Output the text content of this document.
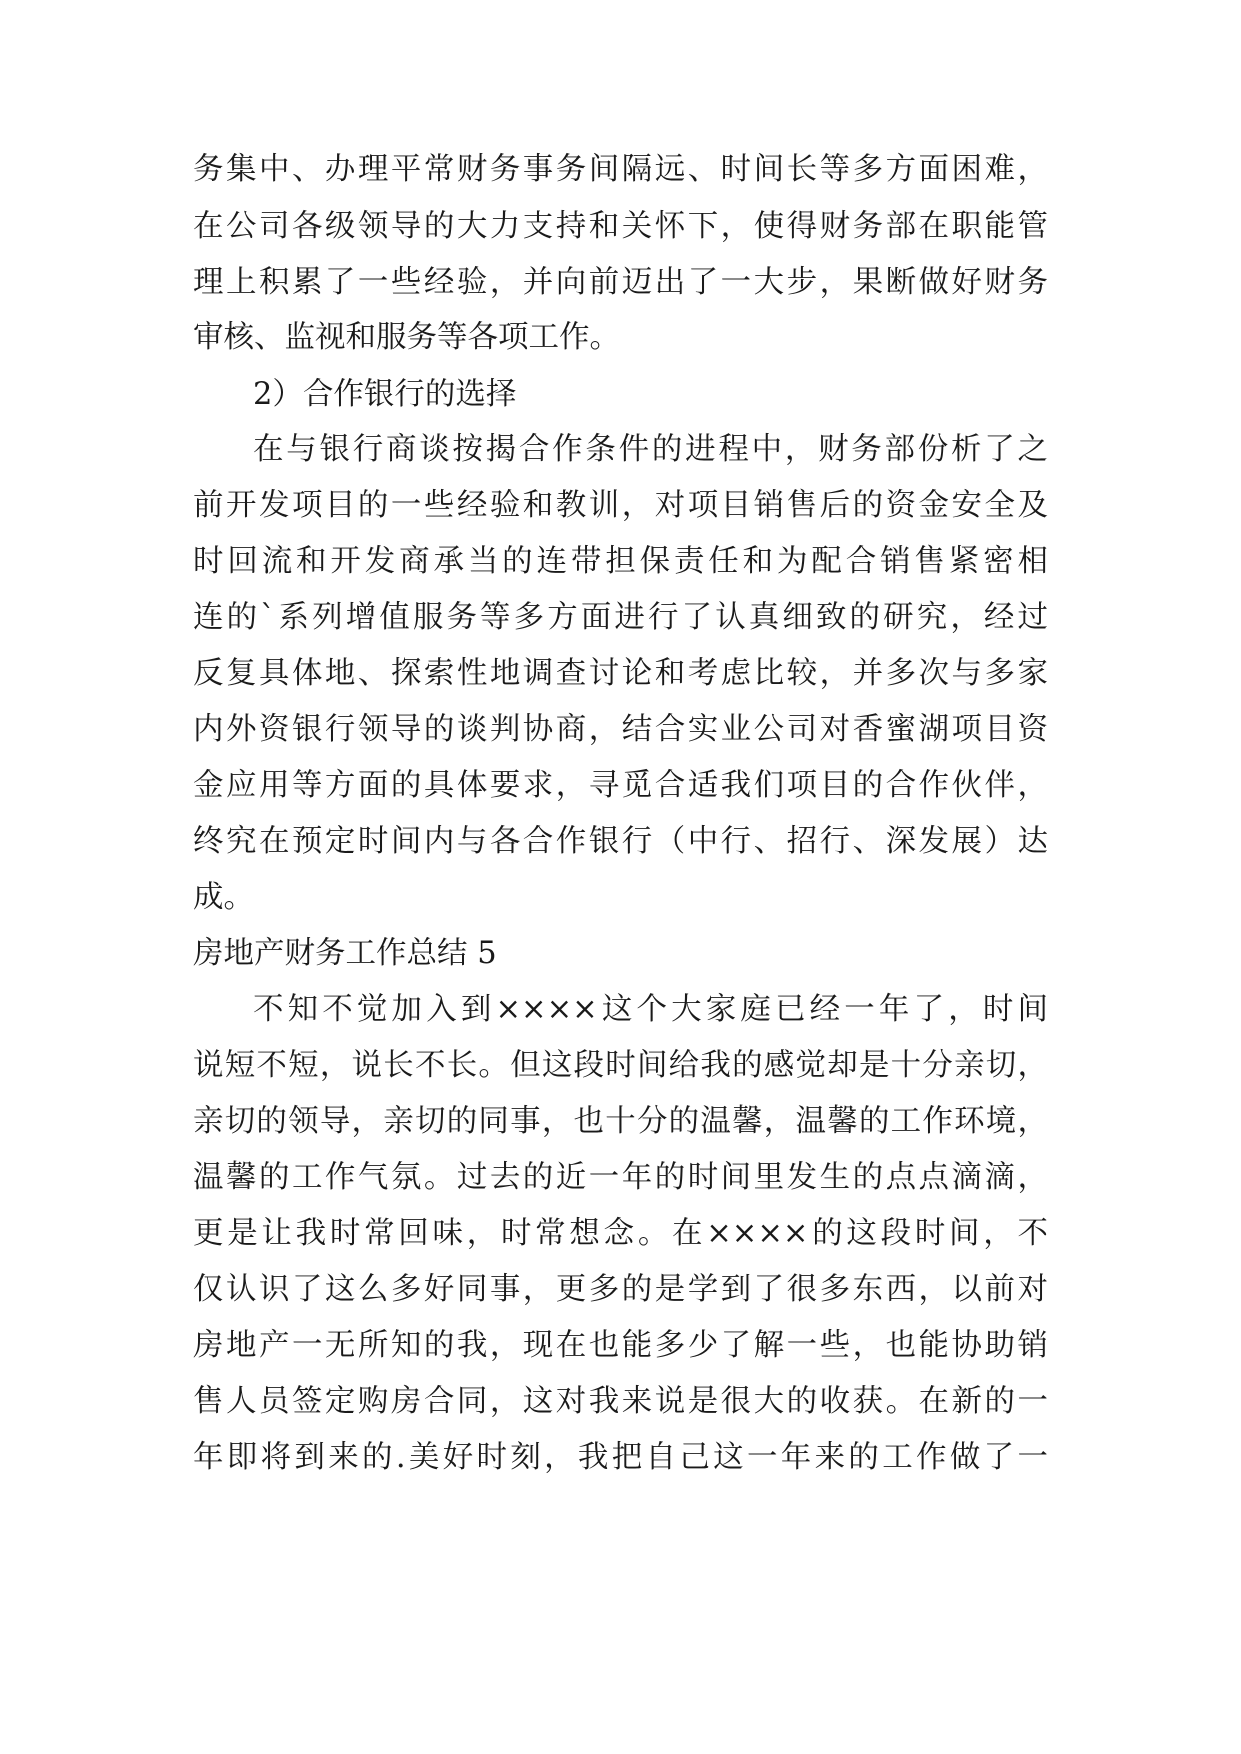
务集中、办理平常财务事务间隔远、时间长等多方面困难，
在公司各级领导的大力支持和关怀下，使得财务部在职能管
理上积累了一些经验，并向前迈出了一大步，果断做好财务
审核、监视和服务等各项工作。
2）合作银行的选择
在与银行商谈按揭合作条件的进程中，财务部份析了之
前开发项目的一些经验和教训，对项目销售后的资金安全及
时回流和开发商承当的连带担保责任和为配合销售紧密相
连的`系列增值服务等多方面进行了认真细致的研究，经过
反复具体地、探索性地调查讨论和考虑比较，并多次与多家
内外资银行领导的谈判协商，结合实业公司对香蜜湖项目资
金应用等方面的具体要求，寻觅合适我们项目的合作伙伴，
终究在预定时间内与各合作银行（中行、招行、深发展）达
成。
房地产财务工作总结 5
不知不觉加入到××××这个大家庭已经一年了，时间
说短不短，说长不长。但这段时间给我的感觉却是十分亲切，
亲切的领导，亲切的同事，也十分的温馨，温馨的工作环境，
温馨的工作气氛。过去的近一年的时间里发生的点点滴滴，
更是让我时常回味，时常想念。在××××的这段时间，不
仅认识了这么多好同事，更多的是学到了很多东西，以前对
房地产一无所知的我，现在也能多少了解一些，也能协助销
售人员签定购房合同，这对我来说是很大的收获。在新的一
年即将到来的.美好时刻，我把自己这一年来的工作做了一
